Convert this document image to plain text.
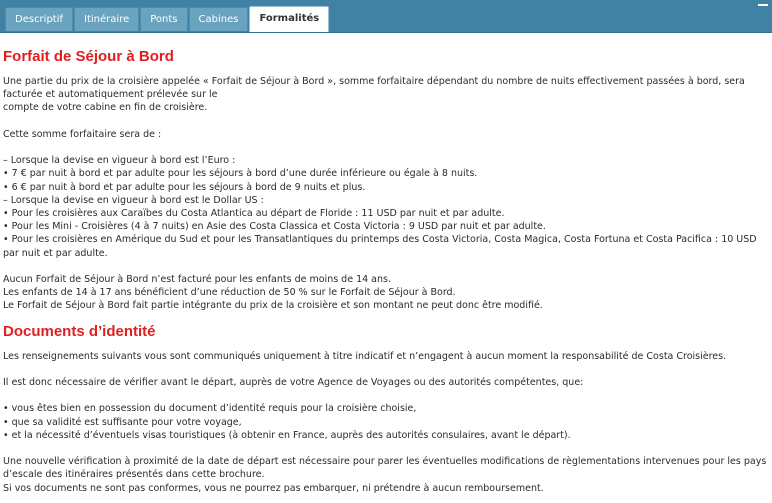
Descriptif	Itinéraire	Ponts	Cabines	Formalités
Forfait de Séjour à Bord

Une partie du prix de la croisière appelée « Forfait de Séjour à Bord », somme forfaitaire dépendant du nombre de nuits effectivement passées à bord, sera facturée et automatiquement prélevée sur le

compte de votre cabine en fin de croisière.

Cette somme forfaitaire sera de :

– Lorsque la devise en vigueur à bord est l’Euro :

• 7 € par nuit à bord et par adulte pour les séjours à bord d’une durée inférieure ou égale à 8 nuits.

• 6 € par nuit à bord et par adulte pour les séjours à bord de 9 nuits et plus.

– Lorsque la devise en vigueur à bord est le Dollar US :

• Pour les croisières aux Caraïbes du Costa Atlantica au départ de Floride : 11 USD par nuit et par adulte.

• Pour les Mini - Croisières (4 à 7 nuits) en Asie des Costa Classica et Costa Victoria : 9 USD par nuit et par adulte.

• Pour les croisières en Amérique du Sud et pour les Transatlantiques du printemps des Costa Victoria, Costa Magica, Costa Fortuna et Costa Pacifica : 10 USD par nuit et par adulte.

Aucun Forfait de Séjour à Bord n’est facturé pour les enfants de moins de 14 ans.

Les enfants de 14 à 17 ans bénéficient d’une réduction de 50 % sur le Forfait de Séjour à Bord.

Le Forfait de Séjour à Bord fait partie intégrante du prix de la croisière et son montant ne peut donc être modifié.

Documents d’identité

Les renseignements suivants vous sont communiqués uniquement à titre indicatif et n’engagent à aucun moment la responsabilité de Costa Croisières.

Il est donc nécessaire de vérifier avant le départ, auprès de votre Agence de Voyages ou des autorités compétentes, que:

• vous êtes bien en possession du document d’identité requis pour la croisière choisie,

• que sa validité est suffisante pour votre voyage,

• et la nécessité d’éventuels visas touristiques (à obtenir en France, auprès des autorités consulaires, avant le départ).

Une nouvelle vérification à proximité de la date de départ est nécessaire pour parer les éventuelles modifications de règlementations intervenues pour les pays d’escale des itinéraires présentés dans cette brochure.

Si vos documents ne sont pas conformes, vous ne pourrez pas embarquer, ni prétendre à aucun remboursement.
